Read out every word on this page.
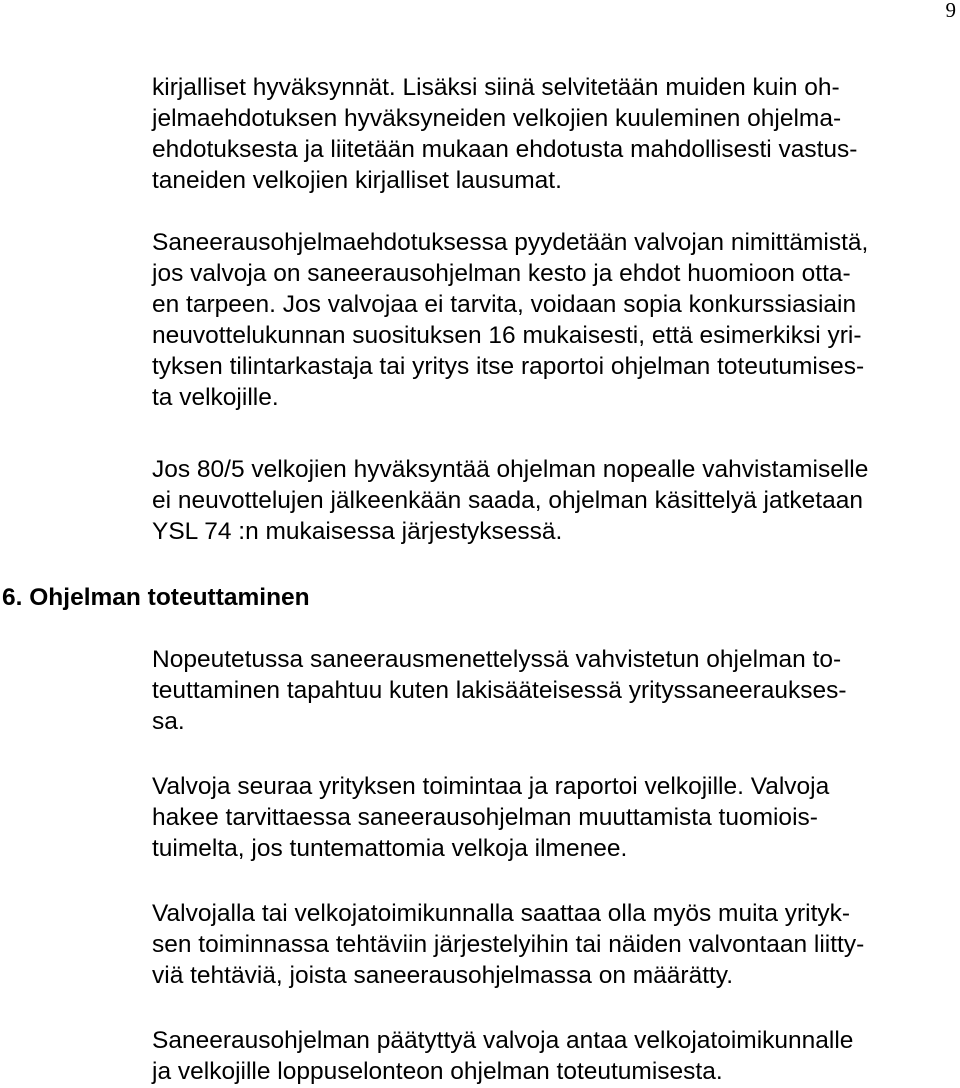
9

kirjalliset hyväksynnät. Lisäksi siinä selvitetään muiden kuin oh-
jelmaehdotuksen hyväksyneiden velkojien kuuleminen ohjelma-
ehdotuksesta ja liitetään mukaan ehdotusta mahdollisesti vastus-
taneiden velkojien kirjalliset lausumat.

Saneerausohjelmaehdotuksessa pyydetään valvojan nimittämistä,
jos valvoja on saneerausohjelman kesto ja ehdot huomioon otta-
en tarpeen. Jos valvojaa ei tarvita, voidaan sopia konkurssiasiain
neuvottelukunnan suosituksen 16 mukaisesti, että esimerkiksi yri-
tyksen tilintarkastaja tai yritys itse raportoi ohjelman toteutumises-
ta velkojille.

Jos 80/5 velkojien hyväksyntää ohjelman nopealle vahvistamiselle
ei neuvottelujen jälkeenkään saada, ohjelman käsittelyä jatketaan
YSL 74 :n mukaisessa järjestyksessä.

6. Ohjelman toteuttaminen

Nopeutetussa saneerausmenettelyssä vahvistetun ohjelman to-
teuttaminen tapahtuu kuten lakisääteisessä yrityssaneeraukses-
sa.

Valvoja seuraa yrityksen toimintaa ja raportoi velkojille. Valvoja
hakee tarvittaessa saneerausohjelman muuttamista tuomiois-
tuimelta, jos tuntemattomia velkoja ilmenee.

Valvojalla tai velkojatoimikunnalla saattaa olla myös muita yrityk-
sen toiminnassa tehtäviin järjestelyihin tai näiden valvontaan liitty-
viä tehtäviä, joista saneerausohjelmassa on määrätty.

Saneerausohjelman päätyttyä valvoja antaa velkojatoimikunnalle
ja velkojille loppuselonteon ohjelman toteutumisesta.
